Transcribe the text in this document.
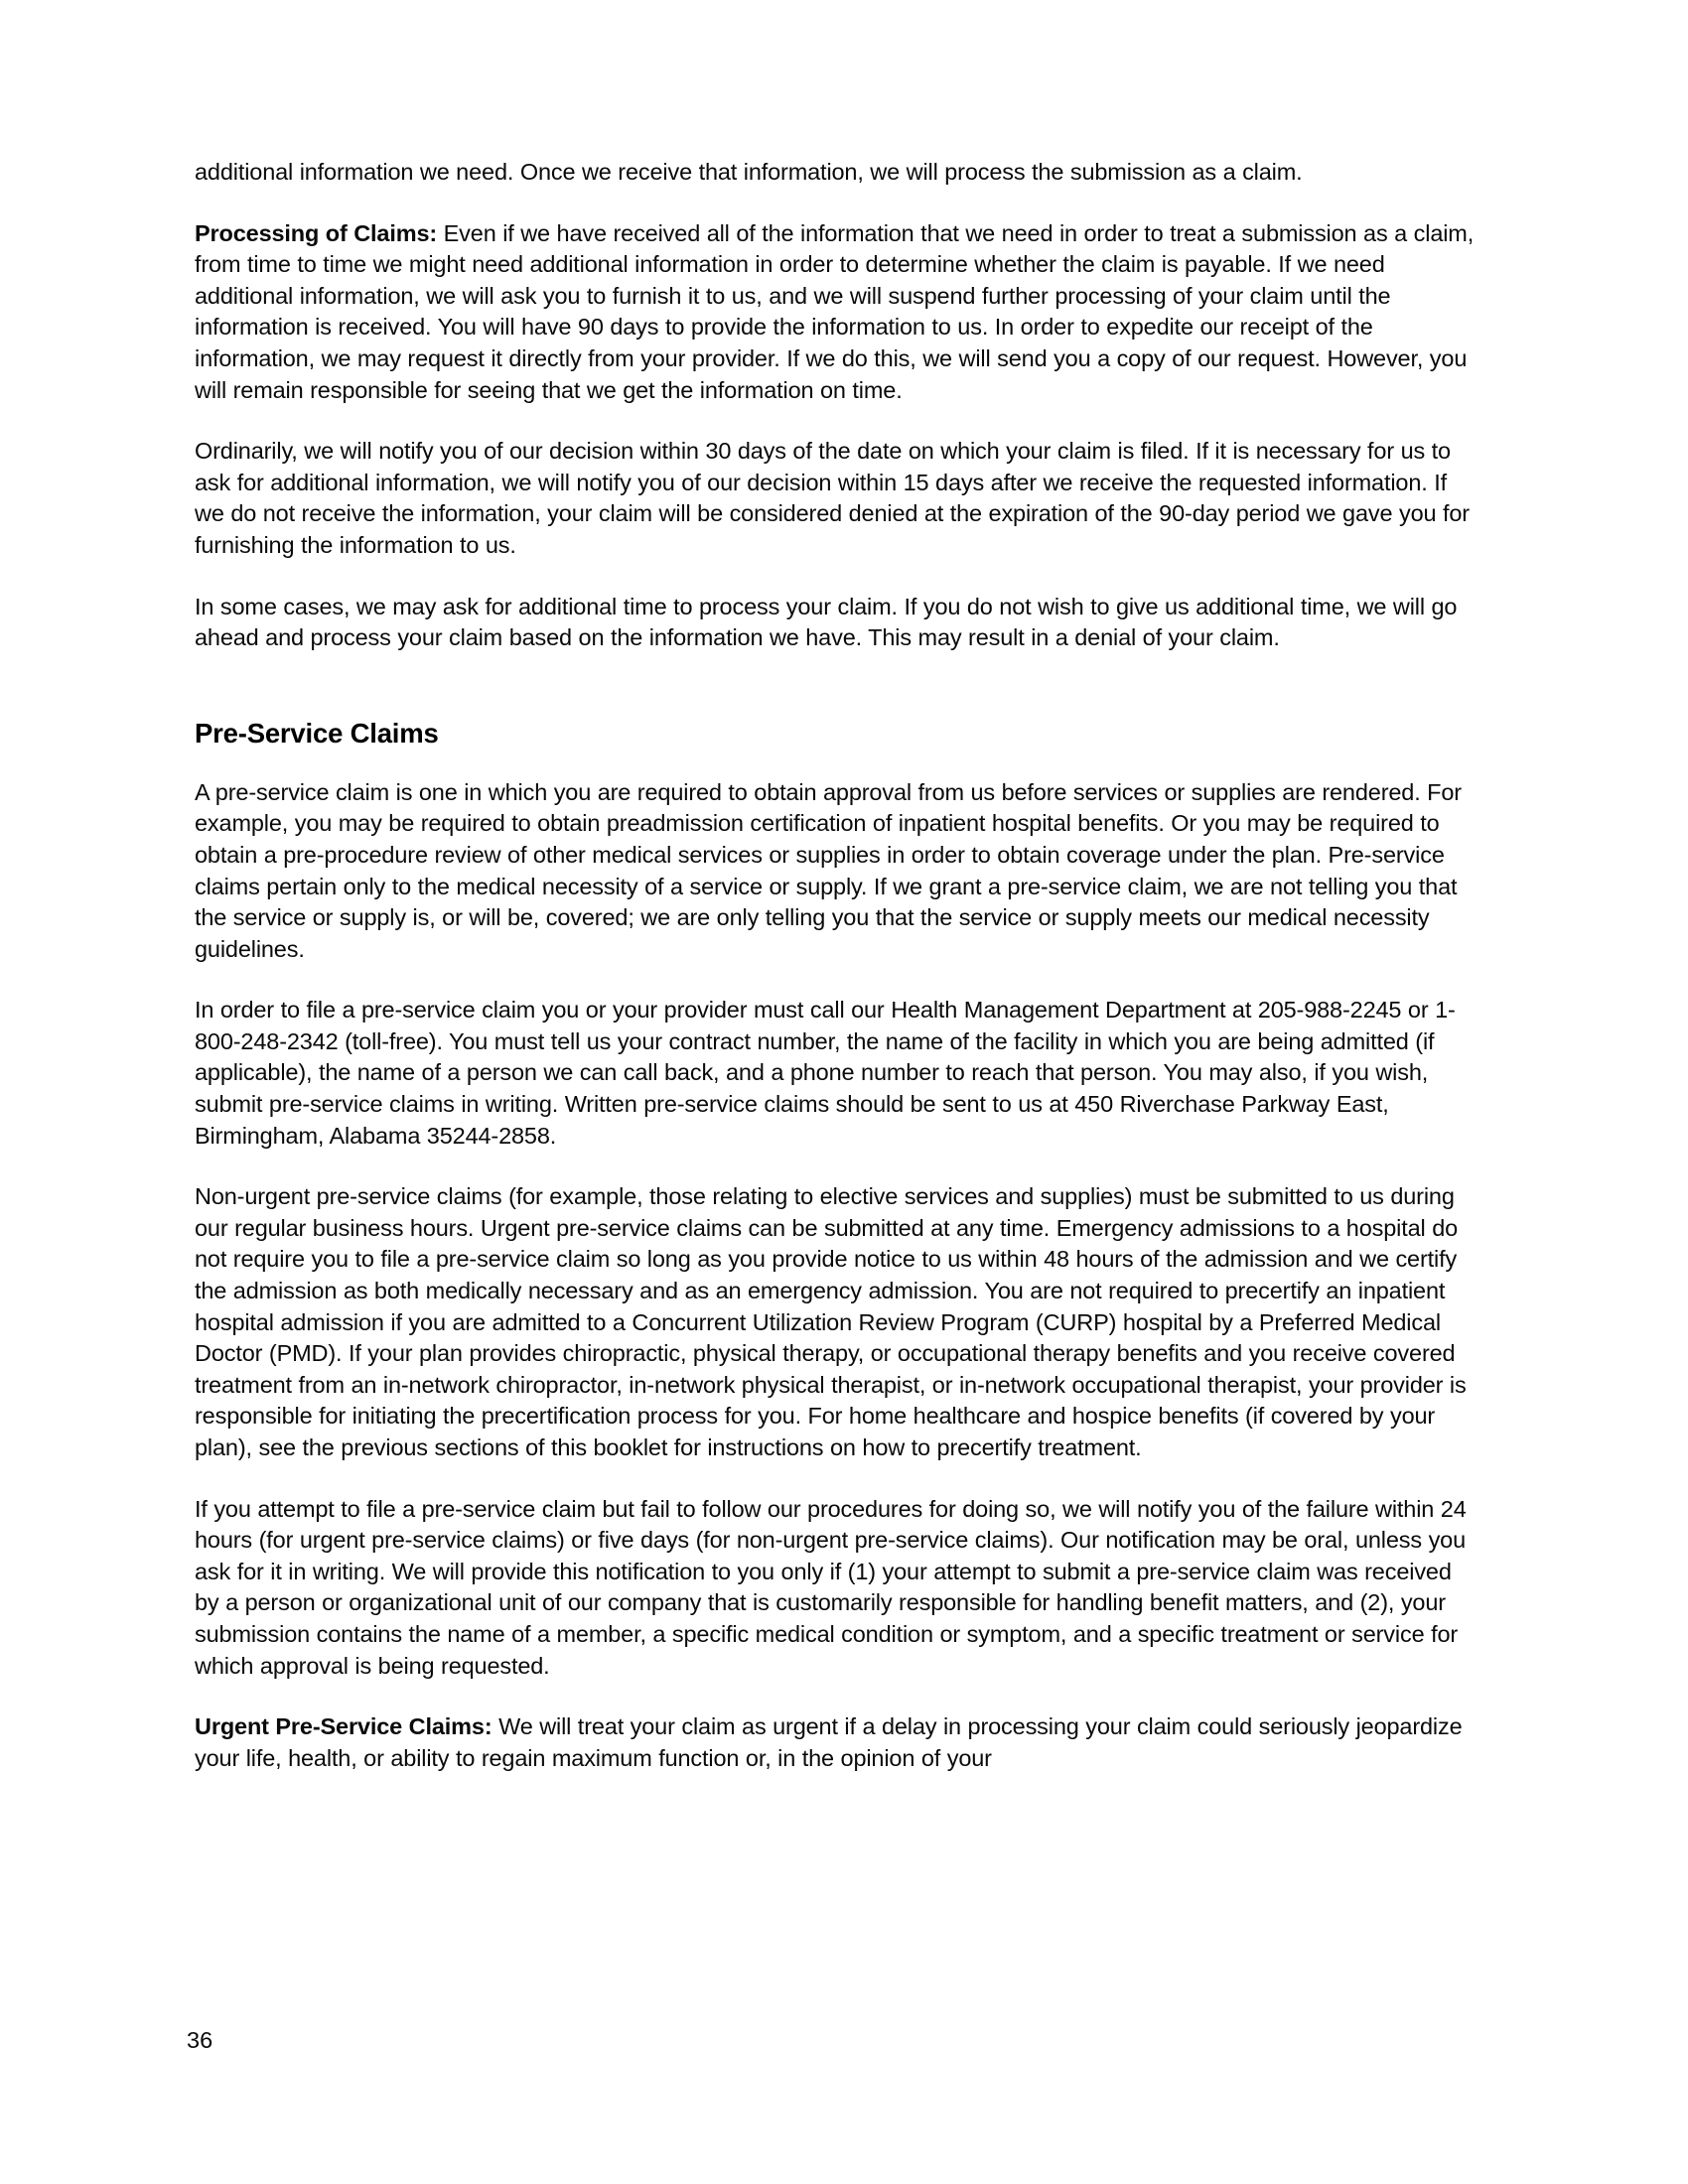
additional information we need. Once we receive that information, we will process the submission as a claim.

Processing of Claims: Even if we have received all of the information that we need in order to treat a submission as a claim, from time to time we might need additional information in order to determine whether the claim is payable. If we need additional information, we will ask you to furnish it to us, and we will suspend further processing of your claim until the information is received. You will have 90 days to provide the information to us. In order to expedite our receipt of the information, we may request it directly from your provider. If we do this, we will send you a copy of our request. However, you will remain responsible for seeing that we get the information on time.

Ordinarily, we will notify you of our decision within 30 days of the date on which your claim is filed. If it is necessary for us to ask for additional information, we will notify you of our decision within 15 days after we receive the requested information. If we do not receive the information, your claim will be considered denied at the expiration of the 90-day period we gave you for furnishing the information to us.

In some cases, we may ask for additional time to process your claim. If you do not wish to give us additional time, we will go ahead and process your claim based on the information we have. This may result in a denial of your claim.

Pre-Service Claims

A pre-service claim is one in which you are required to obtain approval from us before services or supplies are rendered. For example, you may be required to obtain preadmission certification of inpatient hospital benefits. Or you may be required to obtain a pre-procedure review of other medical services or supplies in order to obtain coverage under the plan. Pre-service claims pertain only to the medical necessity of a service or supply. If we grant a pre-service claim, we are not telling you that the service or supply is, or will be, covered; we are only telling you that the service or supply meets our medical necessity guidelines.

In order to file a pre-service claim you or your provider must call our Health Management Department at 205-988-2245 or 1-800-248-2342 (toll-free). You must tell us your contract number, the name of the facility in which you are being admitted (if applicable), the name of a person we can call back, and a phone number to reach that person. You may also, if you wish, submit pre-service claims in writing. Written pre-service claims should be sent to us at 450 Riverchase Parkway East, Birmingham, Alabama 35244-2858.

Non-urgent pre-service claims (for example, those relating to elective services and supplies) must be submitted to us during our regular business hours. Urgent pre-service claims can be submitted at any time. Emergency admissions to a hospital do not require you to file a pre-service claim so long as you provide notice to us within 48 hours of the admission and we certify the admission as both medically necessary and as an emergency admission. You are not required to precertify an inpatient hospital admission if you are admitted to a Concurrent Utilization Review Program (CURP) hospital by a Preferred Medical Doctor (PMD). If your plan provides chiropractic, physical therapy, or occupational therapy benefits and you receive covered treatment from an in-network chiropractor, in-network physical therapist, or in-network occupational therapist, your provider is responsible for initiating the precertification process for you. For home healthcare and hospice benefits (if covered by your plan), see the previous sections of this booklet for instructions on how to precertify treatment.

If you attempt to file a pre-service claim but fail to follow our procedures for doing so, we will notify you of the failure within 24 hours (for urgent pre-service claims) or five days (for non-urgent pre-service claims). Our notification may be oral, unless you ask for it in writing. We will provide this notification to you only if (1) your attempt to submit a pre-service claim was received by a person or organizational unit of our company that is customarily responsible for handling benefit matters, and (2), your submission contains the name of a member, a specific medical condition or symptom, and a specific treatment or service for which approval is being requested.

Urgent Pre-Service Claims: We will treat your claim as urgent if a delay in processing your claim could seriously jeopardize your life, health, or ability to regain maximum function or, in the opinion of your

36
